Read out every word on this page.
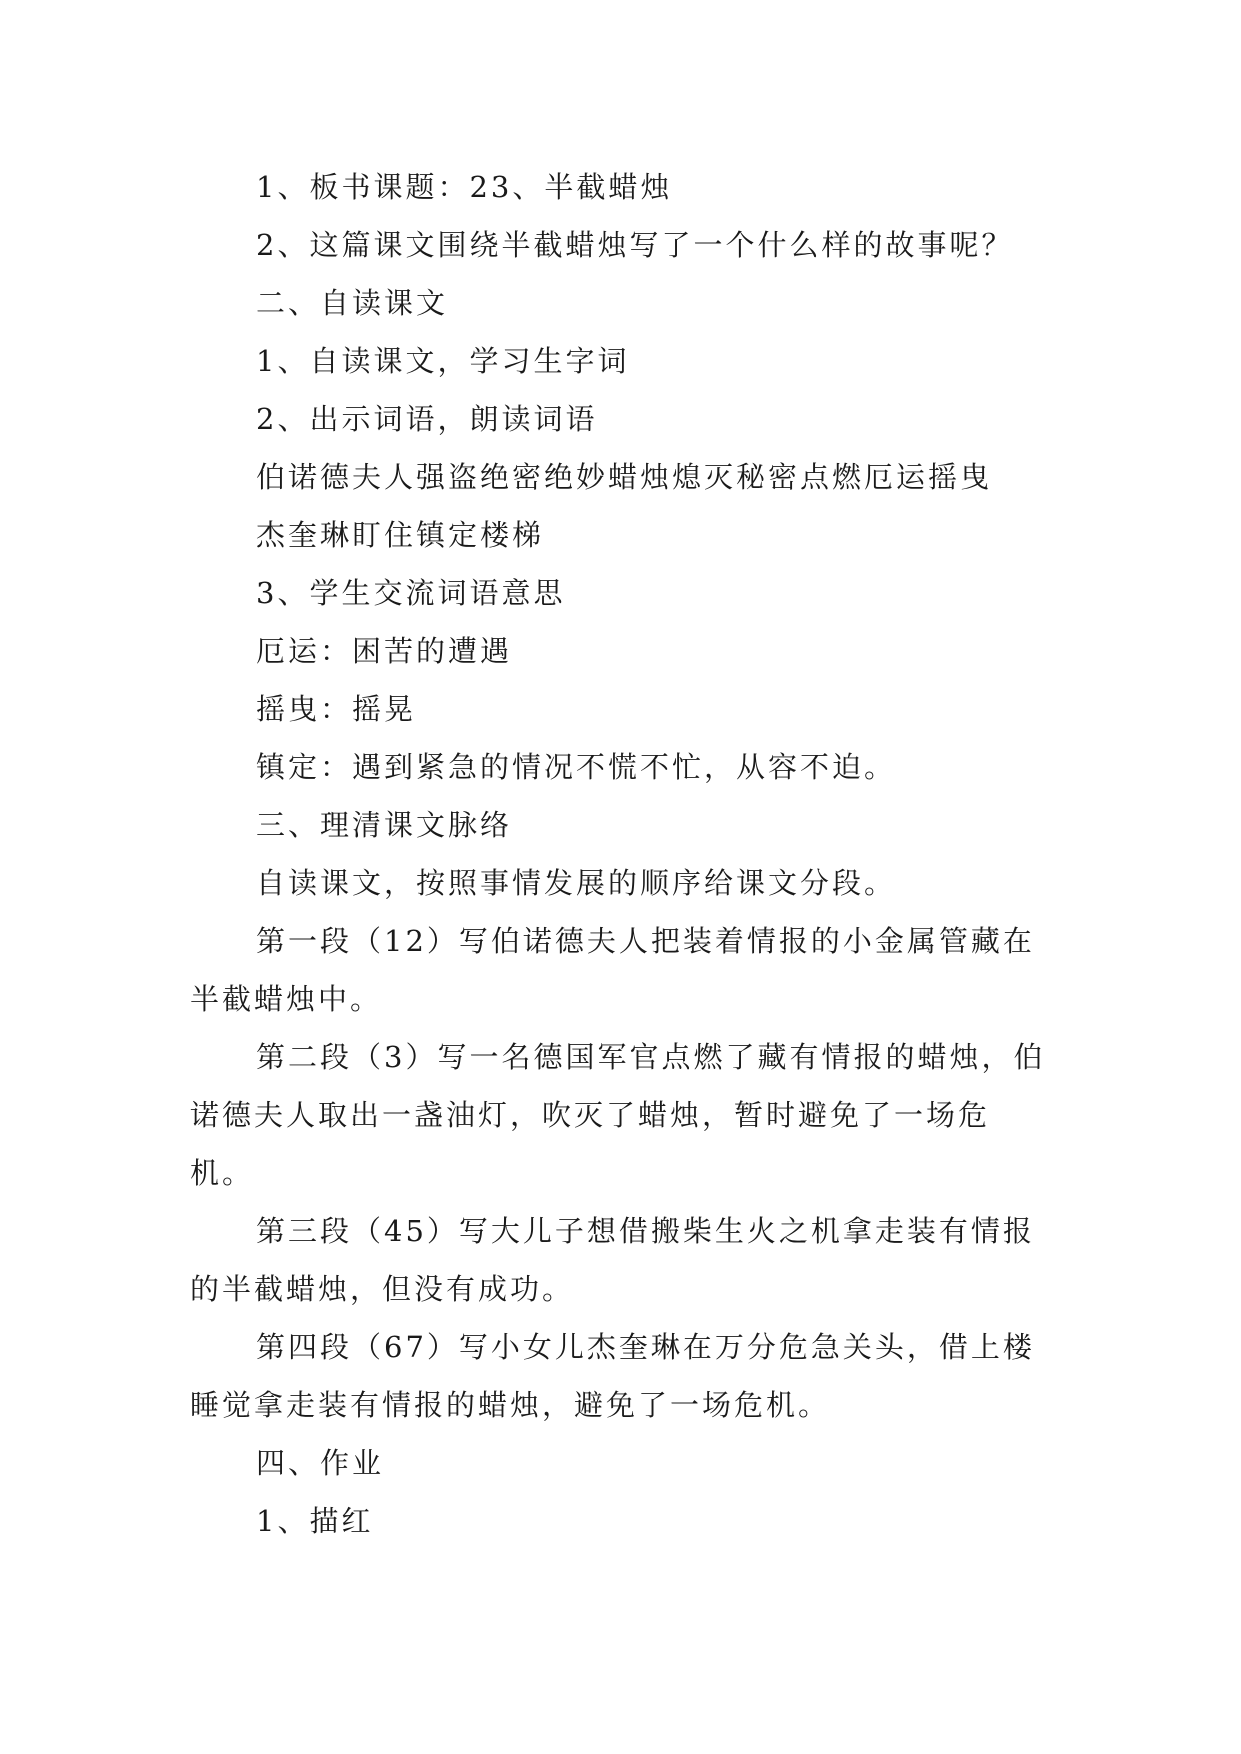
1、板书课题：23、半截蜡烛

2、这篇课文围绕半截蜡烛写了一个什么样的故事呢？

二、自读课文

1、自读课文，学习生字词

2、出示词语，朗读词语

伯诺德夫人强盗绝密绝妙蜡烛熄灭秘密点燃厄运摇曳

杰奎琳盯住镇定楼梯

3、学生交流词语意思

厄运：困苦的遭遇

摇曳：摇晃

镇定：遇到紧急的情况不慌不忙，从容不迫。

三、理清课文脉络

自读课文，按照事情发展的顺序给课文分段。

第一段（12）写伯诺德夫人把装着情报的小金属管藏在半截蜡烛中。

第二段（3）写一名德国军官点燃了藏有情报的蜡烛，伯诺德夫人取出一盏油灯，吹灭了蜡烛，暂时避免了一场危机。

第三段（45）写大儿子想借搬柴生火之机拿走装有情报的半截蜡烛，但没有成功。

第四段（67）写小女儿杰奎琳在万分危急关头，借上楼睡觉拿走装有情报的蜡烛，避免了一场危机。

四、作业

1、描红
